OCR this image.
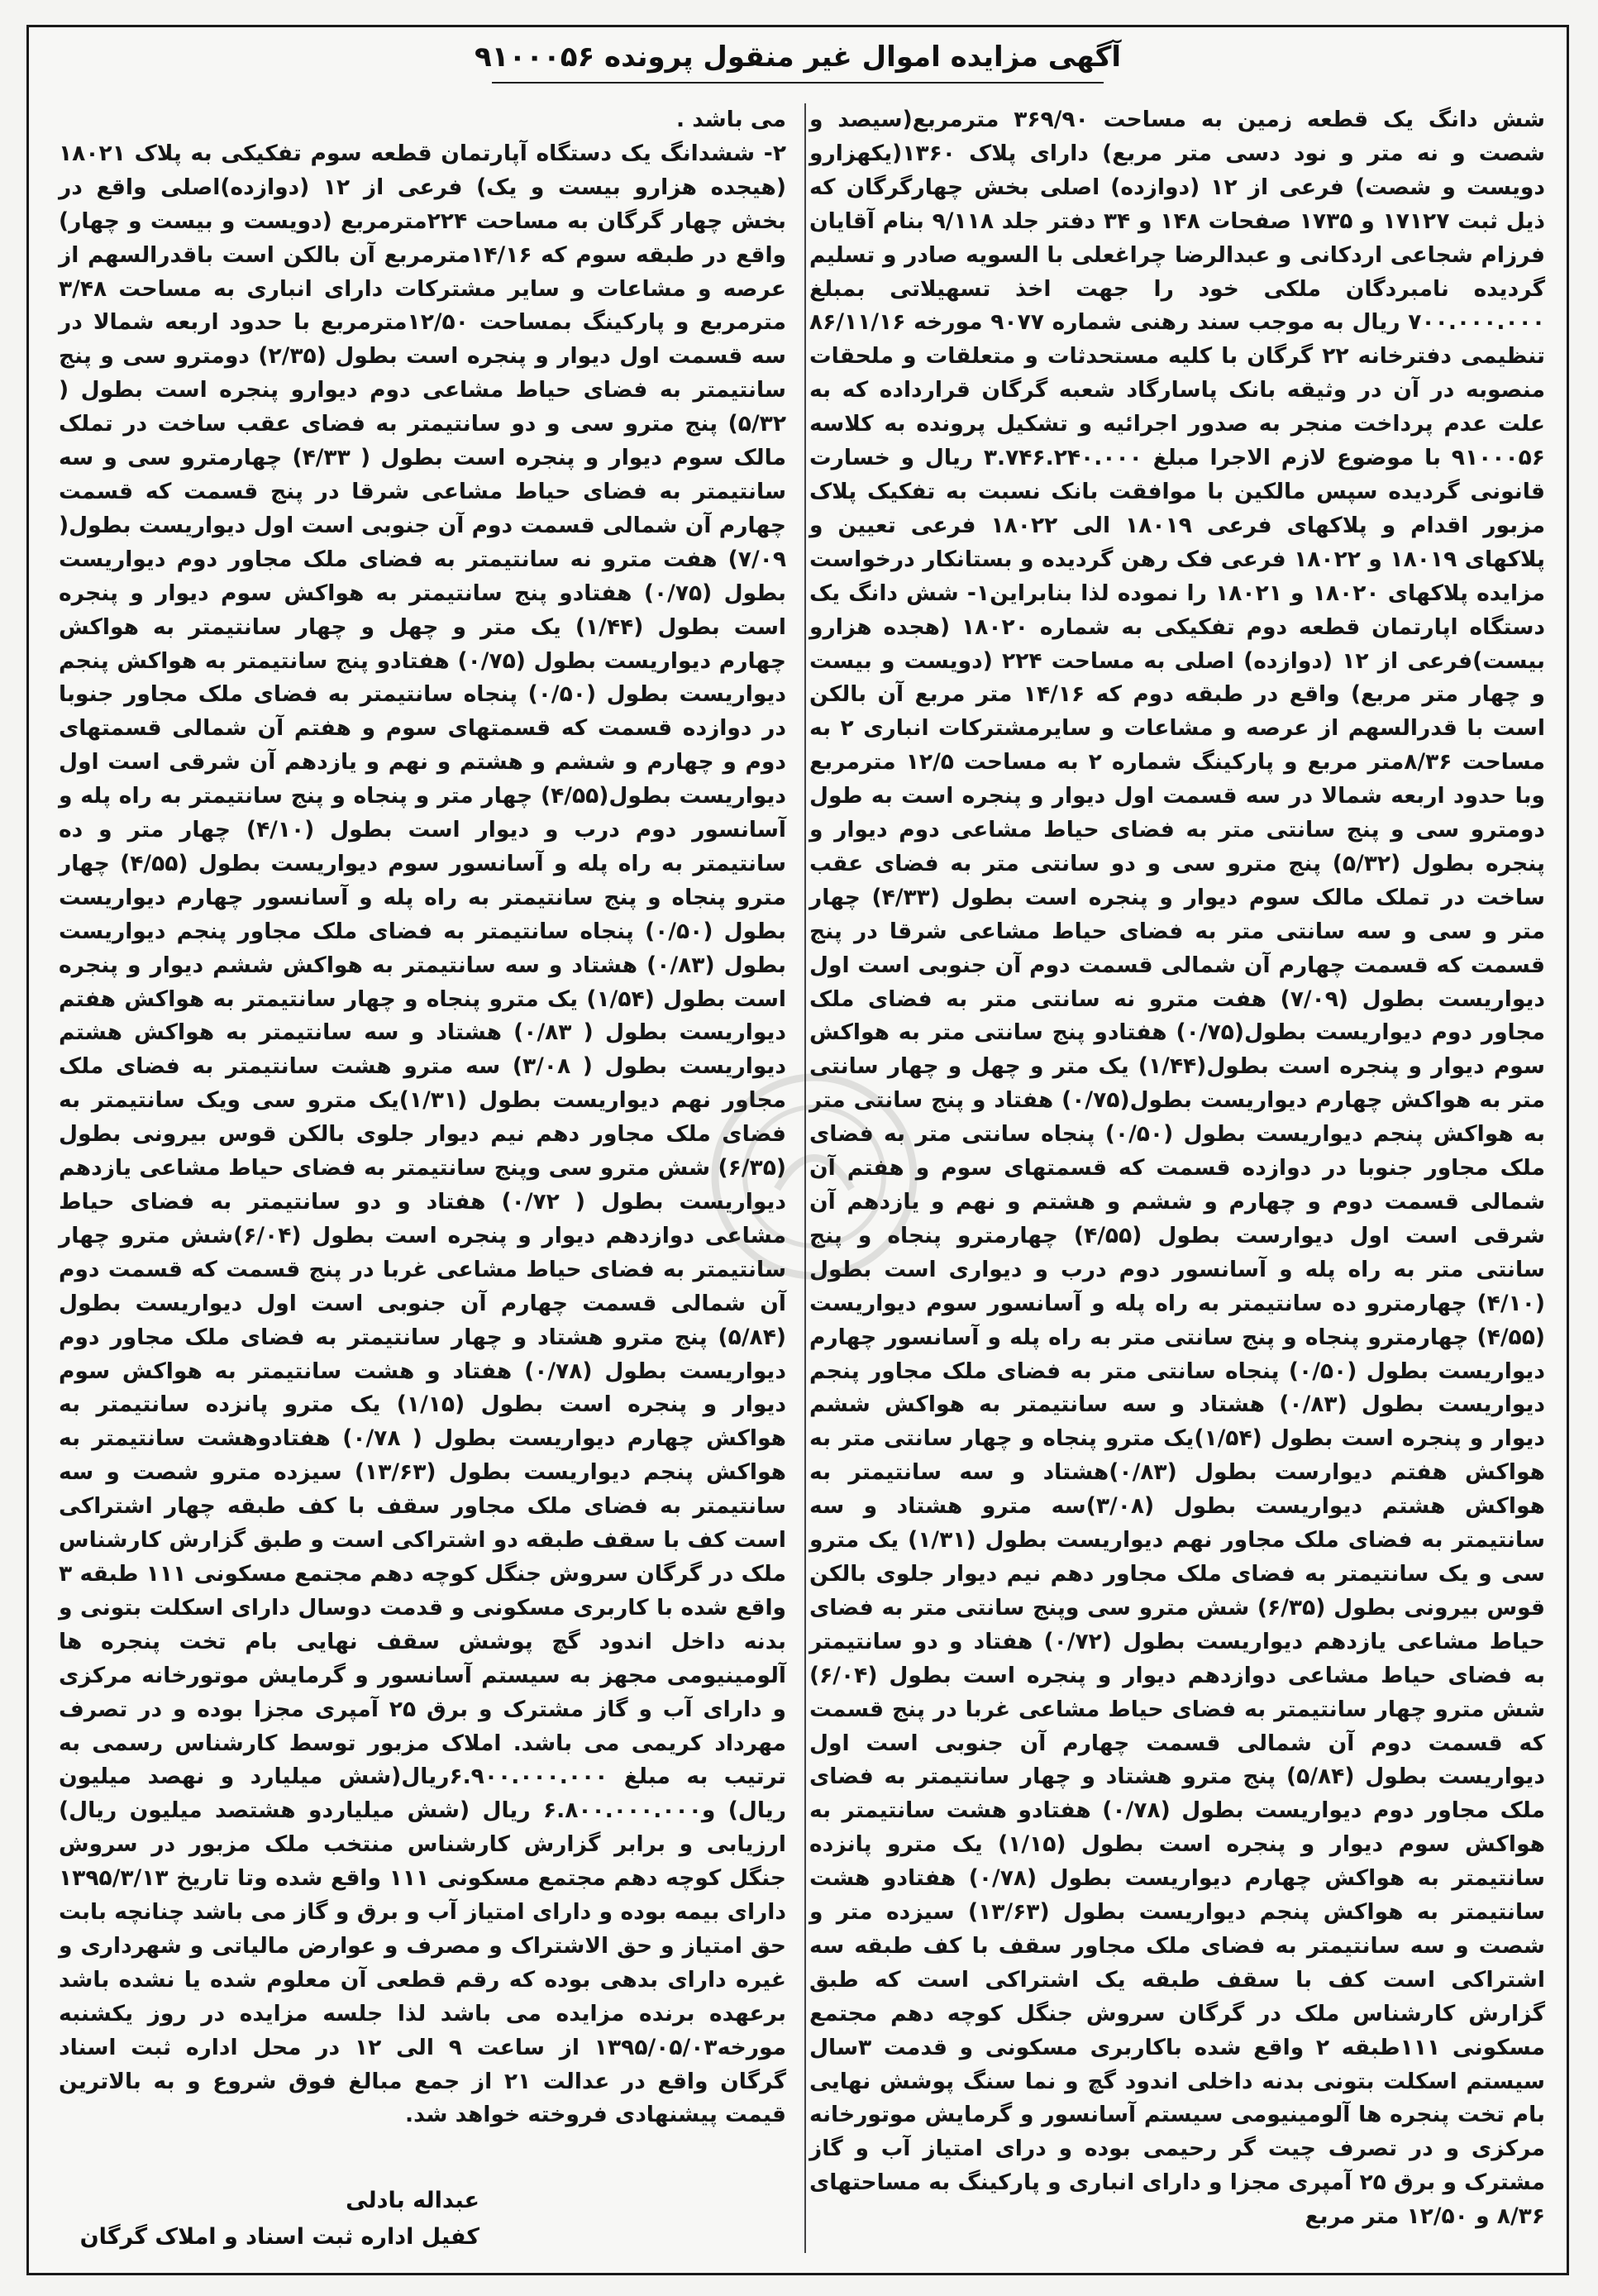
آگهی مزایده اموال غیر منقول پرونده ۹۱۰۰۰۵۶

شش دانگ یک قطعه زمین به مساحت ۳۶۹/۹۰ مترمربع(سیصد و شصت و نه متر و نود دسی متر مربع) دارای پلاک ۱۳۶۰(یکهزارو دویست و شصت) فرعی از ۱۲ (دوازده) اصلی بخش چهارگرگان که ذیل ثبت ۱۷۱۲۷ و ۱۷۳۵ صفحات ۱۴۸ و ۳۴ دفتر جلد ۹/۱۱۸ بنام آقایان فرزام شجاعی اردکانی و عبدالرضا چراغعلی با السویه صادر و تسلیم گردیده نامبردگان ملکی خود را جهت اخذ تسهیلاتی بمبلغ ۷۰۰.۰۰۰.۰۰۰ ریال به موجب سند رهنی شماره ۹۰۷۷ مورخه ۸۶/۱۱/۱۶ تنظیمی دفترخانه ۲۲ گرگان با کلیه مستحدثات و متعلقات و ملحقات منصوبه در آن در وثیقه بانک پاسارگاد شعبه گرگان قرارداده که به علت عدم پرداخت منجر به صدور اجرائیه و تشکیل پرونده به کلاسه ۹۱۰۰۰۵۶ با موضوع لازم الاجرا مبلغ ۳.۷۴۶.۲۴۰.۰۰۰ ریال و خسارت قانونی گردیده سپس مالکین با موافقت بانک نسبت به تفکیک پلاک مزبور اقدام و پلاکهای فرعی ۱۸۰۱۹ الی ۱۸۰۲۲ فرعی تعیین و پلاکهای ۱۸۰۱۹ و ۱۸۰۲۲ فرعی فک رهن گردیده و بستانکار درخواست مزایده پلاکهای ۱۸۰۲۰ و ۱۸۰۲۱ را نموده لذا بنابراین۱- شش دانگ یک دستگاه اپارتمان قطعه دوم تفکیکی به شماره ۱۸۰۲۰ (هجده هزارو بیست)فرعی از ۱۲ (دوازده) اصلی به مساحت ۲۲۴ (دویست و بیست و چهار متر مربع) واقع در طبقه دوم که ۱۴/۱۶ متر مربع آن بالکن است با قدرالسهم از عرصه و مشاعات و سایرمشترکات انباری ۲ به مساحت ۸/۳۶متر مربع و پارکینگ شماره ۲ به مساحت ۱۲/۵ مترمربع وبا حدود اربعه شمالا در سه قسمت اول دیوار و پنجره است به طول دومترو سی و پنج سانتی متر به فضای حیاط مشاعی دوم دیوار و پنجره بطول (۵/۳۲) پنج مترو سی و دو سانتی متر به فضای عقب ساخت در تملک مالک سوم دیوار و پنجره است بطول (۴/۳۳) چهار متر و سی و سه سانتی متر به فضای حیاط مشاعی شرقا در پنج قسمت که قسمت چهارم آن شمالی قسمت دوم آن جنوبی است اول دیواریست بطول (۷/۰۹) هفت مترو نه سانتی متر به فضای ملک مجاور دوم دیواریست بطول(۰/۷۵) هفتادو پنج سانتی متر به هواکش سوم دیوار و پنجره است بطول(۱/۴۴) یک متر و چهل و چهار سانتی متر به هواکش چهارم دیواریست بطول(۰/۷۵) هفتاد و پنج سانتی متر به هواکش پنجم دیواریست بطول (۰/۵۰) پنجاه سانتی متر به فضای ملک مجاور جنوبا در دوازده قسمت که قسمتهای سوم و هفتم آن شمالی قسمت دوم و چهارم و ششم و هشتم و نهم و یازدهم آن شرقی است اول دیوارست بطول (۴/۵۵) چهارمترو پنجاه و پنج سانتی متر به راه پله و آسانسور دوم درب و دیواری است بطول (۴/۱۰) چهارمترو ده سانتیمتر به راه پله و آسانسور سوم دیواریست (۴/۵۵) چهارمترو پنجاه و پنج سانتی متر به راه پله و آسانسور چهارم دیواریست بطول (۰/۵۰) پنجاه سانتی متر به فضای ملک مجاور پنجم دیواریست بطول (۰/۸۳) هشتاد و سه سانتیمتر به هواکش ششم دیوار و پنجره است بطول (۱/۵۴)یک مترو پنجاه و چهار سانتی متر به هواکش هفتم دیوارست بطول (۰/۸۳)هشتاد و سه سانتیمتر به هواکش هشتم دیواریست بطول (۳/۰۸)سه مترو هشتاد و سه سانتیمتر به فضای ملک مجاور نهم دیواریست بطول (۱/۳۱) یک مترو سی و یک سانتیمتر به فضای ملک مجاور دهم نیم دیوار جلوی بالکن قوس بیرونی بطول (۶/۳۵) شش مترو سی وپنج سانتی متر به فضای حیاط مشاعی یازدهم دیواریست بطول (۰/۷۲) هفتاد و دو سانتیمتر به فضای حیاط مشاعی دوازدهم دیوار و پنجره است بطول (۶/۰۴) شش مترو چهار سانتیمتر به فضای حیاط مشاعی غربا در پنج قسمت که قسمت دوم آن شمالی قسمت چهارم آن جنوبی است اول دیواریست بطول (۵/۸۴) پنج مترو هشتاد و چهار سانتیمتر به فضای ملک مجاور دوم دیواریست بطول (۰/۷۸) هفتادو هشت سانتیمتر به هواکش سوم دیوار و پنجره است بطول (۱/۱۵) یک مترو پانزده سانتیمتر به هواکش چهارم دیواریست بطول (۰/۷۸) هفتادو هشت سانتیمتر به هواکش پنجم دیواریست بطول (۱۳/۶۳) سیزده متر و شصت و سه سانتیمتر به فضای ملک مجاور سقف با کف طبقه سه اشتراکی است کف با سقف طبقه یک اشتراکی است که طبق گزارش کارشناس ملک در گرگان سروش جنگل کوچه دهم مجتمع مسکونی ۱۱۱طبقه ۲ واقع شده باکاربری مسکونی و قدمت ۳سال سیستم اسکلت بتونی بدنه داخلی اندود گچ و نما سنگ پوشش نهایی بام تخت پنجره ها آلومینیومی سیستم آسانسور و گرمایش موتورخانه مرکزی و در تصرف چیت گر رحیمی بوده و درای امتیاز آب و گاز مشترک و برق ۲۵ آمپری مجزا و دارای انباری و پارکینگ به مساحتهای ۸/۳۶ و ۱۲/۵۰ متر مربع

می باشد .

۲- ششدانگ یک دستگاه آپارتمان قطعه سوم تفکیکی به پلاک ۱۸۰۲۱ (هیجده هزارو بیست و یک) فرعی از ۱۲ (دوازده)اصلی واقع در بخش چهار گرگان به مساحت ۲۲۴مترمربع (دویست و بیست و چهار) واقع در طبقه سوم که ۱۴/۱۶مترمربع آن بالکن است باقدرالسهم از عرصه و مشاعات و سایر مشترکات دارای انباری به مساحت ۳/۴۸ مترمربع و پارکینگ بمساحت ۱۲/۵۰مترمربع با حدود اربعه شمالا در سه قسمت اول دیوار و پنجره است بطول (۲/۳۵) دومترو سی و پنج سانتیمتر به فضای حیاط مشاعی دوم دیوارو پنجره است بطول ( ۵/۳۲) پنج مترو سی و دو سانتیمتر به فضای عقب ساخت در تملک مالک سوم دیوار و پنجره است بطول ( ۴/۳۳) چهارمترو سی و سه سانتیمتر به فضای حیاط مشاعی شرقا در پنج قسمت که قسمت چهارم آن شمالی قسمت دوم آن جنوبی است اول دیواریست بطول( ۷/۰۹) هفت مترو نه سانتیمتر به فضای ملک مجاور دوم دیواریست بطول (۰/۷۵) هفتادو پنج سانتیمتر به هواکش سوم دیوار و پنجره است بطول (۱/۴۴) یک متر و چهل و چهار سانتیمتر به هواکش چهارم دیواریست بطول (۰/۷۵) هفتادو پنج سانتیمتر به هواکش پنجم دیواریست بطول (۰/۵۰) پنجاه سانتیمتر به فضای ملک مجاور جنوبا در دوازده قسمت که قسمتهای سوم و هفتم آن شمالی قسمتهای دوم و چهارم و ششم و هشتم و نهم و یازدهم آن شرقی است اول دیواریست بطول(۴/۵۵) چهار متر و پنجاه و پنج سانتیمتر به راه پله و آسانسور دوم درب و دیوار است بطول (۴/۱۰) چهار متر و ده سانتیمتر به راه پله و آسانسور سوم دیواریست بطول (۴/۵۵) چهار مترو پنجاه و پنج سانتیمتر به راه پله و آسانسور چهارم دیواریست بطول (۰/۵۰) پنجاه سانتیمتر به فضای ملک مجاور پنجم دیواریست بطول (۰/۸۳) هشتاد و سه سانتیمتر به هواکش ششم دیوار و پنجره است بطول (۱/۵۴) یک مترو پنجاه و چهار سانتیمتر به هواکش هفتم دیواریست بطول ( ۰/۸۳) هشتاد و سه سانتیمتر به هواکش هشتم دیواریست بطول ( ۳/۰۸) سه مترو هشت سانتیمتر به فضای ملک مجاور نهم دیواریست بطول (۱/۳۱)یک مترو سی ویک سانتیمتر به فضای ملک مجاور دهم نیم دیوار جلوی بالکن قوس بیرونی بطول (۶/۳۵) شش مترو سی وپنج سانتیمتر به فضای حیاط مشاعی یازدهم دیواریست بطول ( ۰/۷۲) هفتاد و دو سانتیمتر به فضای حیاط مشاعی دوازدهم دیوار و پنجره است بطول (۶/۰۴)شش مترو چهار سانتیمتر به فضای حیاط مشاعی غربا در پنج قسمت که قسمت دوم آن شمالی قسمت چهارم آن جنوبی است اول دیواریست بطول (۵/۸۴) پنج مترو هشتاد و چهار سانتیمتر به فضای ملک مجاور دوم دیواریست بطول (۰/۷۸) هفتاد و هشت سانتیمتر به هواکش سوم دیوار و پنجره است بطول (۱/۱۵) یک مترو پانزده سانتیمتر به هواکش چهارم دیواریست بطول ( ۰/۷۸) هفتادوهشت سانتیمتر به هواکش پنجم دیواریست بطول (۱۳/۶۳) سیزده مترو شصت و سه سانتیمتر به فضای ملک مجاور سقف با کف طبقه چهار اشتراکی است کف با سقف طبقه دو اشتراکی است و طبق گزارش کارشناس ملک در گرگان سروش جنگل کوچه دهم مجتمع مسکونی ۱۱۱ طبقه ۳ واقع شده با کاربری مسکونی و قدمت دوسال دارای اسکلت بتونی و بدنه داخل اندود گچ پوشش سقف نهایی بام تخت پنجره ها آلومینیومی مجهز به سیستم آسانسور و گرمایش موتورخانه مرکزی و دارای آب و گاز مشترک و برق ۲۵ آمپری مجزا بوده و در تصرف مهرداد کریمی می باشد. املاک مزبور توسط کارشناس رسمی به ترتیب به مبلغ ۶.۹۰۰.۰۰۰.۰۰۰ریال(شش میلیارد و نهصد میلیون ریال) و۶.۸۰۰.۰۰۰.۰۰۰ ریال (شش میلیاردو هشتصد میلیون ریال) ارزیابی و برابر گزارش کارشناس منتخب ملک مزبور در سروش جنگل کوچه دهم مجتمع مسکونی ۱۱۱ واقع شده وتا تاریخ ۱۳۹۵/۳/۱۳ دارای بیمه بوده و دارای امتیاز آب و برق و گاز می باشد چنانچه بابت حق امتیاز و حق الاشتراک و مصرف و عوارض مالیاتی و شهرداری و غیره دارای بدهی بوده که رقم قطعی آن معلوم شده یا نشده باشد برعهده برنده مزایده می باشد لذا جلسه مزایده در روز یکشنبه مورخه۱۳۹۵/۰۵/۰۳ از ساعت ۹ الی ۱۲ در محل اداره ثبت اسناد گرگان واقع در عدالت ۲۱ از جمع مبالغ فوق شروع و به بالاترین قیمت پیشنهادی فروخته خواهد شد.

عبداله بادلی
کفیل اداره ثبت اسناد و املاک گرگان
